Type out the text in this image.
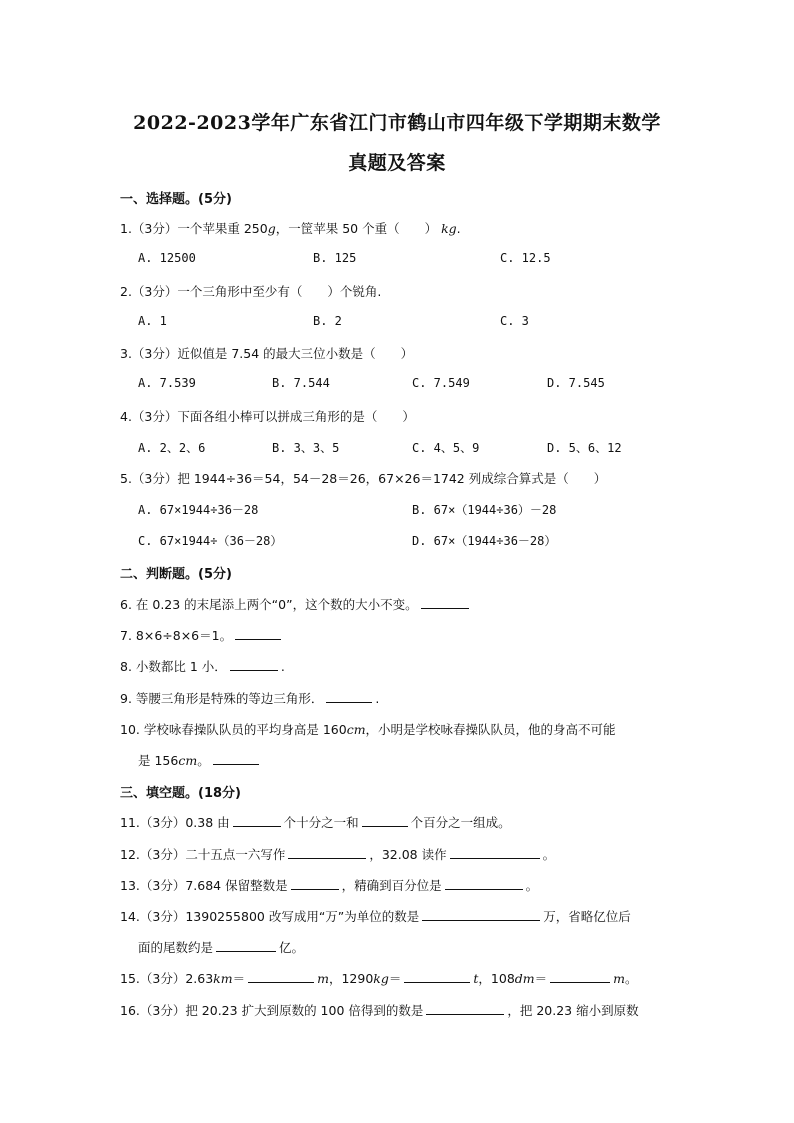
2022-2023学年广东省江门市鹤山市四年级下学期期末数学
真题及答案
一、选择题。(5分)
1.（3分）一个苹果重 250g，一筐苹果 50 个重（　　） kg.
A. 12500	B. 125	C. 12.5
2.（3分）一个三角形中至少有（　　）个锐角.
A. 1	B. 2	C. 3
3.（3分）近似值是 7.54 的最大三位小数是（　　）
A. 7.539	B. 7.544	C. 7.549	D. 7.545
4.（3分）下面各组小棒可以拼成三角形的是（　　）
A. 2、2、6	B. 3、3、5	C. 4、5、9	D. 5、6、12
5.（3分）把 1944÷36＝54，54－28＝26，67×26＝1742 列成综合算式是（　　）
A. 67×1944÷36－28	B. 67×（1944÷36）－28
C. 67×1944÷（36－28）	D. 67×（1944÷36－28）
二、判断题。(5分)
6. 在 0.23 的末尾添上两个“0”，这个数的大小不变。
7. 8×6÷8×6＝1。
8. 小数都比 1 小．	.
9. 等腰三角形是特殊的等边三角形．	.
10. 学校咏春操队队员的平均身高是 160cm，小明是学校咏春操队队员，他的身高不可能
是 156cm。
三、填空题。(18分)
11.（3分）0.38 由	个十分之一和	个百分之一组成。
12.（3分）二十五点一六写作	，32.08 读作	。
13.（3分）7.684 保留整数是	，精确到百分位是	。
14.（3分）1390255800 改写成用“万”为单位的数是	万，省略亿位后
面的尾数约是	亿。
15.（3分）2.63km＝	m，1290kg＝	t，108dm＝	m。
16.（3分）把 20.23 扩大到原数的 100 倍得到的数是	，把 20.23 缩小到原数
